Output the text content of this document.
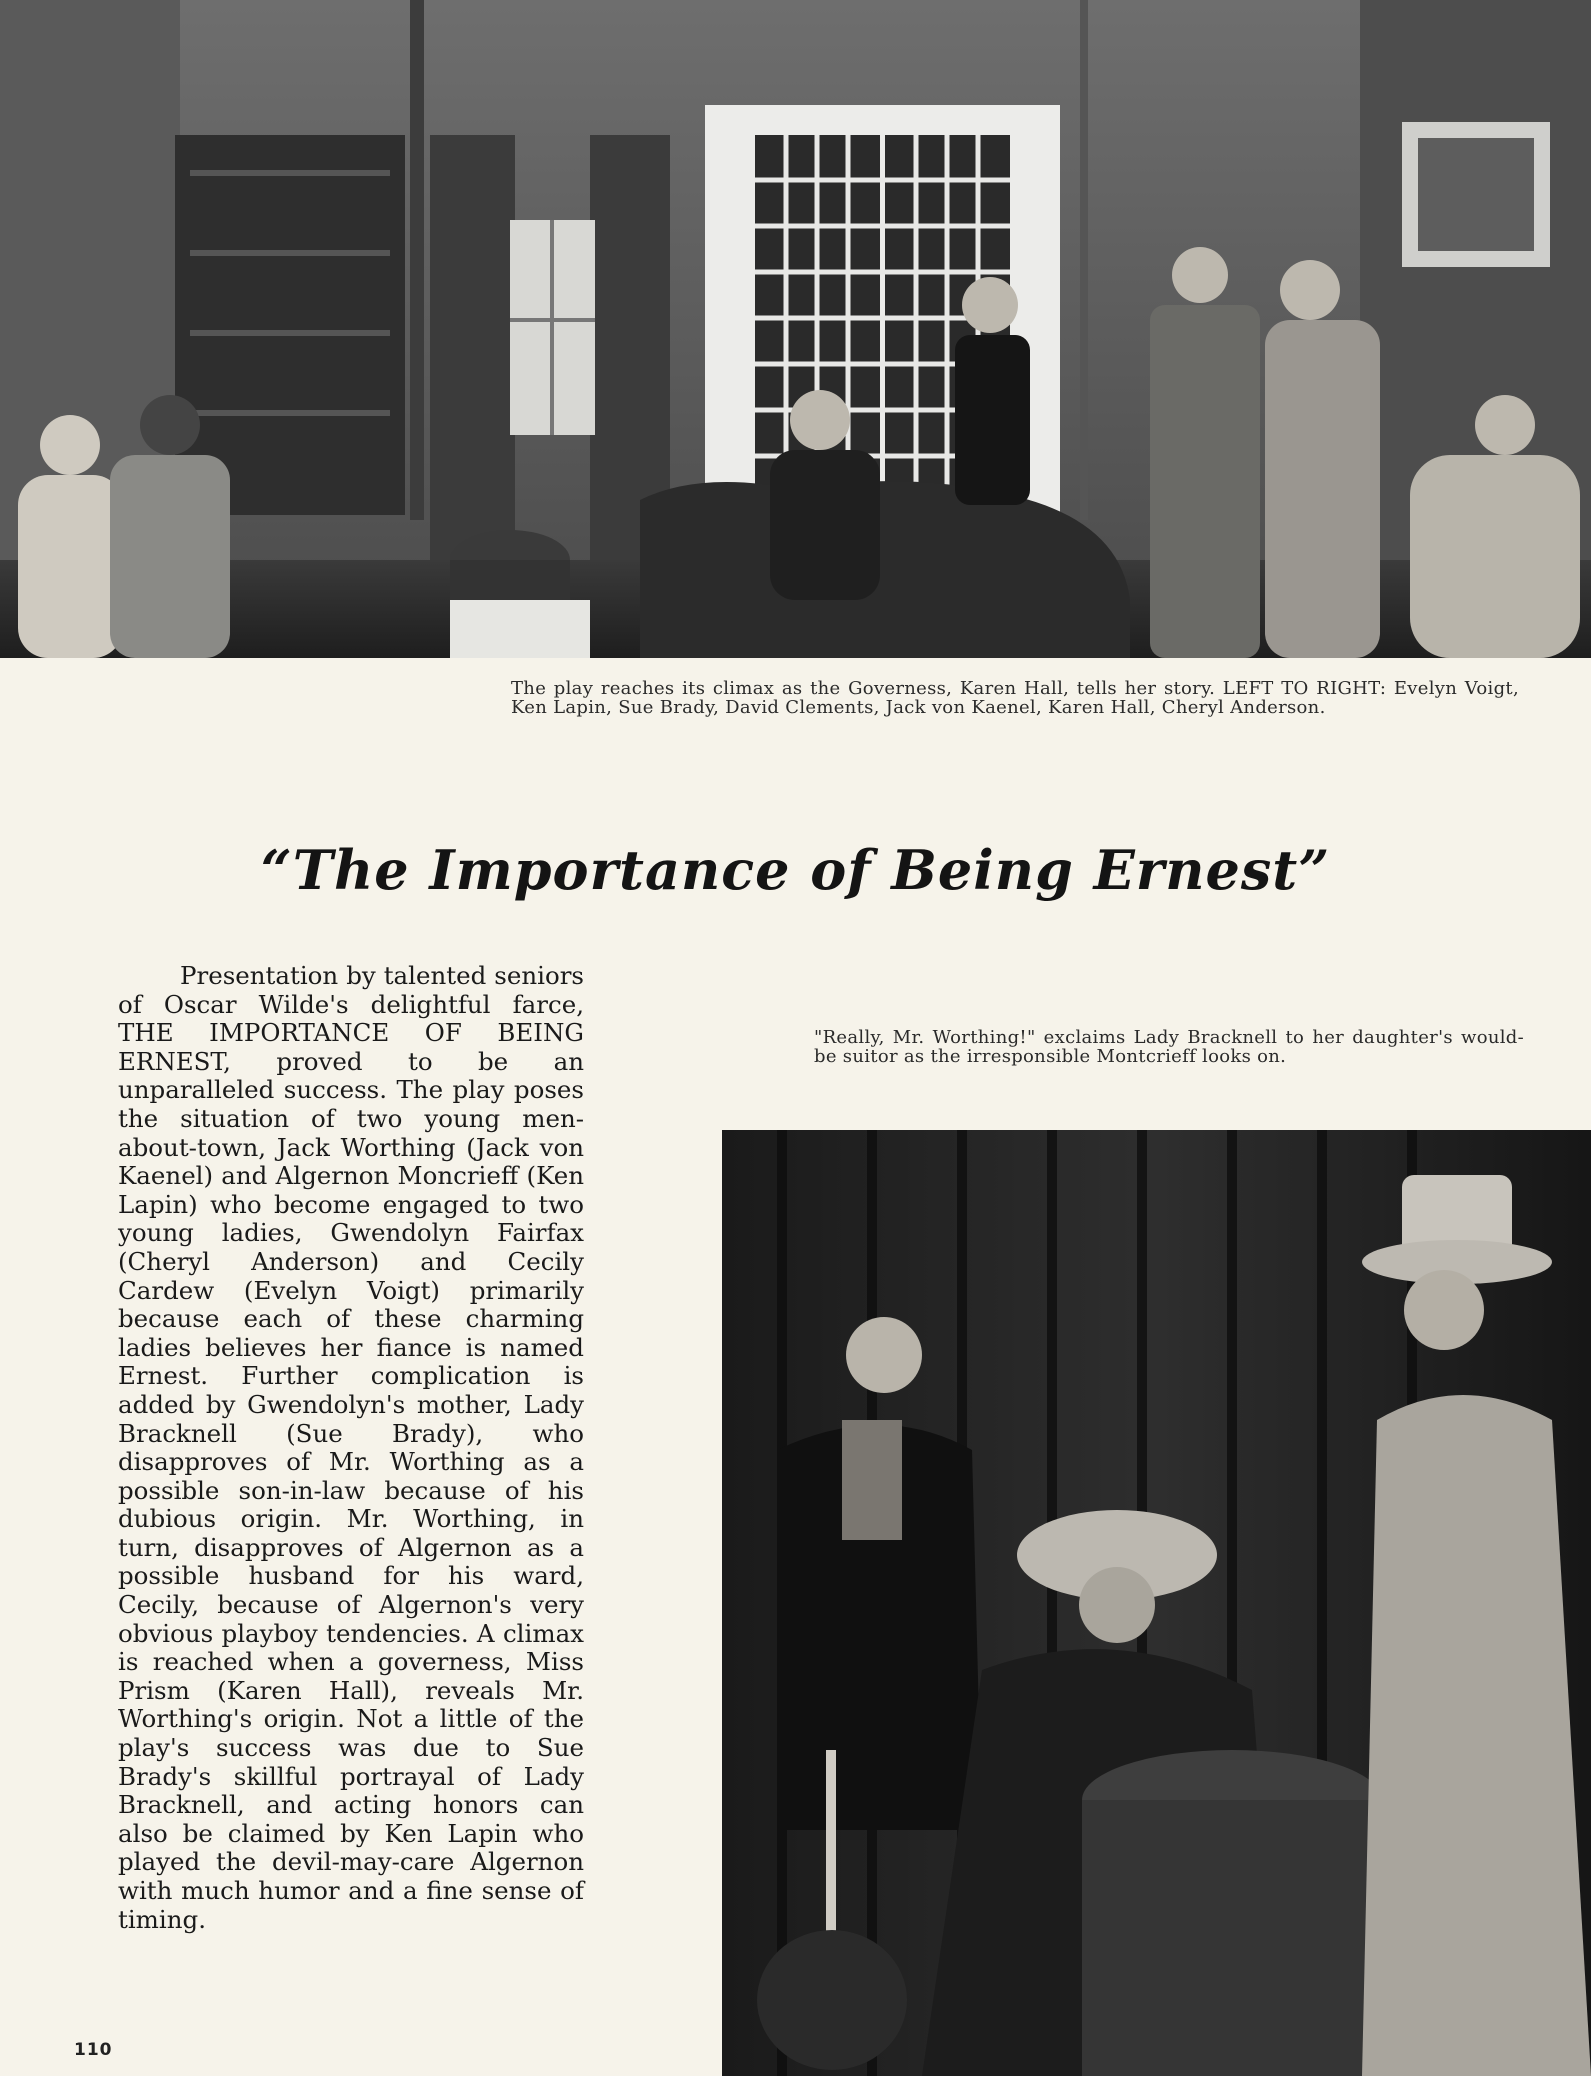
The play reaches its climax as the Governess, Karen Hall, tells her story. LEFT TO RIGHT: Evelyn Voigt, Ken Lapin, Sue Brady, David Clements, Jack von Kaenel, Karen Hall, Cheryl Anderson.
“The Importance of Being Ernest”

Presentation by talented seniors of Oscar Wilde's delightful farce, THE IMPORTANCE OF BEING ERNEST, proved to be an unparalleled success. The play poses the situation of two young men-about-town, Jack Worthing (Jack von Kaenel) and Algernon Moncrieff (Ken Lapin) who become engaged to two young ladies, Gwendolyn Fairfax (Cheryl Anderson) and Cecily Cardew (Evelyn Voigt) primarily because each of these charming ladies believes her fiance is named Ernest. Further complication is added by Gwendolyn's mother, Lady Bracknell (Sue Brady), who disapproves of Mr. Worthing as a possible son-in-law because of his dubious origin. Mr. Worthing, in turn, disapproves of Algernon as a possible husband for his ward, Cecily, because of Algernon's very obvious playboy tendencies. A climax is reached when a governess, Miss Prism (Karen Hall), reveals Mr. Worthing's origin. Not a little of the play's success was due to Sue Brady's skillful portrayal of Lady Bracknell, and acting honors can also be claimed by Ken Lapin who played the devil-may-care Algernon with much humor and a fine sense of timing.

"Really, Mr. Worthing!" exclaims Lady Bracknell to her daughter's would-be suitor as the irresponsible Montcrieff looks on.
110
